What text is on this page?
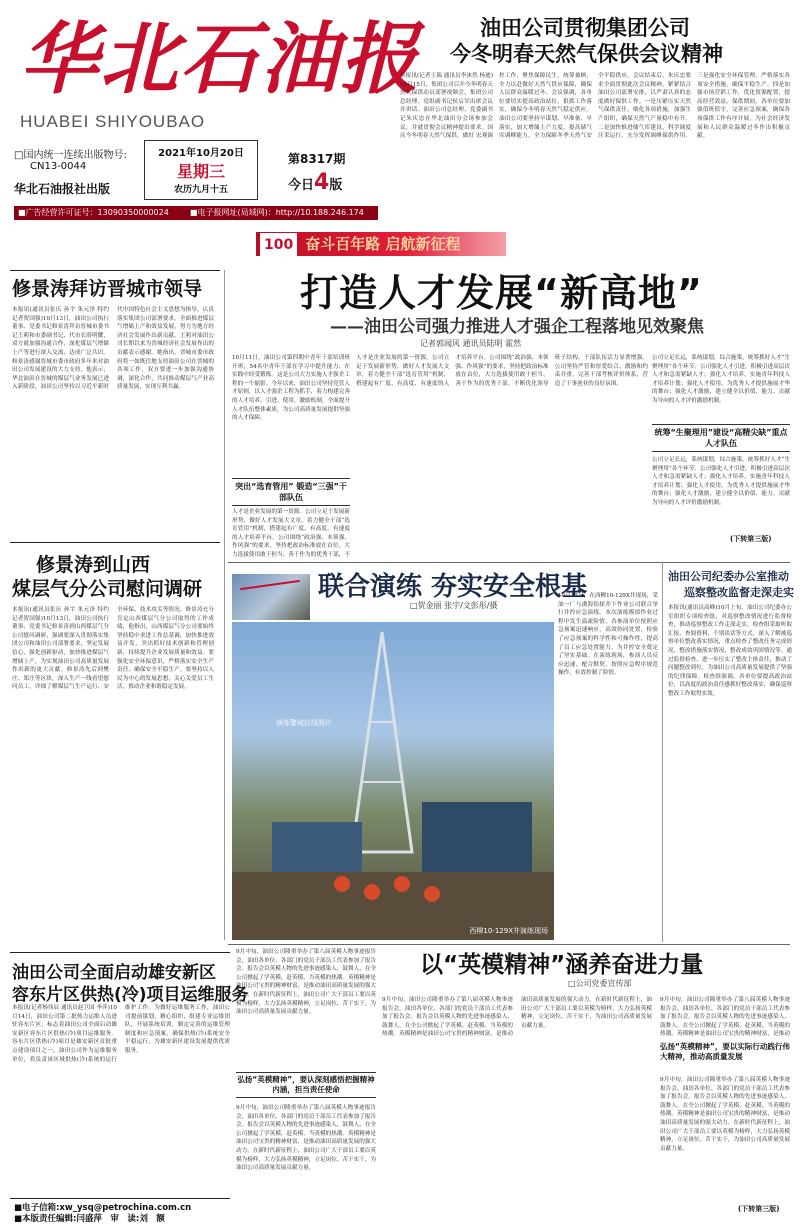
华北石油报
HUABEI SHIYOUBAO
□国内统一连续出版物号:
CN13-0044
华北石油报社出版
2021年10月20日
星期三
农历九月十五
第8317期
今日4版
■广告经营许可证号：13090350000024	■电子报网址(局域网)：http://10.188.246.174
油田公司贯彻集团公司
今冬明春天然气保供会议精神
本报讯(记者王瑞 通讯员李沐然 杨迪)10月15日，集团公司召开今冬明春天然气保供动员部署视频会，集团公司总经理、党组副书记侯启军出席会议并讲话。油田公司总经理、党委副书记朱庆忠在华北油田分会场参加会议，并就贯彻会议精神提出要求。国庆今冬明春天然气保供，做好 宏观调控工作，聚焦保障民生，统筹兼顾，全力以赴做好天然气供应保障，确保人民群众温暖过冬。会议强调，各单位要切实提高政治站位，狠抓工作落实，确保今冬明春天然气稳定供应。油田公司要坚持早谋划、早准备、早落实，加大增储上产力度，提高储气库调峰能力，全力保障冬季天然气安全平稳供应。会议结束后，朱庆忠要求全面贯彻此次会议精神，紧紧结合油田公司部署安排，以严肃认真的态度做好保供工作。一是压紧压实天然气保供责任，细化各项措施，加强生产组织，确保天然气产量稳中有升。二是加快推进储气库建设，科学调度注采运行，充分发挥调峰保供作用。三是强化安全环保管理，严格落实各项安全措施，确保平稳生产。四是加强市场营销工作，优化资源配置，提高经营效益。保供期间，各单位要加强值班值守，完善应急预案，确保各项保供工作有序开展，为社会经济发展和人民群众温暖过冬作出积极贡献。
100 奋斗百年路 启航新征程
修景涛拜访晋城市领导
本报讯(通讯员张庆 孙宇 朱元泽 特约记者贺国强)10月13日，油田公司执行董事、党委书记修景涛拜访晋城市委书记王莉和市委副书记、代市长薛明耀，双方就加强沟通合作、深化煤层气增储上产等进行深入交流、达成广泛共识。修景涛感谢晋城市委市政府多年来对油田公司发展建设的大力支持。他表示，华北油田在晋城的煤层气业务发展已进入新阶段，油田公司坚持以习近平新时代中国特色社会主义思想为指导，认真落实集团公司部署要求，全面推进煤层气增储上产和效益发展，努力为地方经济社会发展作出新贡献。王莉对油田公司长期以来为晋城经济社会发展作出的贡献表示感谢。她指出，晋城市委市政府将一如既往地支持油田公司在晋城的各项工作，双方要进一步加强沟通协调，深化合作，共同推动煤层气产业高质量发展，实现互利共赢。
修景涛到山西
煤层气分公司慰问调研
本报讯(通讯员张庆 孙宇 朱元泽 特约记者贺国强)10月13日，油田公司执行董事、党委书记修景涛到山西煤层气分公司慰问调研，强调要深入贯彻落实集团公司和油田公司部署要求，坚定发展信心，强化创新驱动，加快推进煤层气增储上产，为实现油田公司高质量发展作出新的更大贡献。修景涛先后到樊庄、郑庄等区块，深入生产一线看望慰问员工，详细了解煤层气生产运行、安全环保、技术攻关等情况。修景涛充分肯定山西煤层气分公司取得的工作成绩，他指出，山西煤层气分公司要始终坚持稳中求进工作总基调，加快推进效益开发，突出抓好技术创新和管理创新，持续提升企业发展质量和效益。要强化安全环保意识，严格落实安全生产责任，确保安全平稳生产。要坚持以人民为中心的发展思想，关心关爱员工生活，推动企业和谐稳定发展。
油田公司全面启动雄安新区
容东片区供热(冷)项目运维服务
本报讯(记者杨伟辰 通讯员赵卫国 李萍)10月14日，油田公司第二批热力运维人员进驻容东片区，标志着油田公司全面启动雄安新区容东片区供热(冷)项目运维服务。容东片区供热(冷)项目是雄安新区首批重点建设项目之一，油田公司作为运维服务单位，将负责该区域供热(冷)系统的运行维护工作。为做好运维服务工作，油田公司提前谋划，精心组织，组建专业运维团队，开展系统培训，制定完善的运维管理制度和应急预案，确保供热(冷)系统安全平稳运行，为雄安新区建设发展提供优质服务。
打造人才发展“新高地”
——油田公司强力推进人才强企工程落地见效聚焦
记者郭闻风 通讯员陆明 霍然
10月11日，油田公司第四期中青年干部培训班开班，54名中青年干部在学习中提升能力、在实践中经受锻炼。这是公司大力实施人才强企工程的一个缩影。今年以来，油田公司坚持党管人才原则，以人才强企工程为抓手，着力构建完善的人才培养、引进、使用、激励机制，全面提升人才队伍整体素质，为公司高质量发展提供坚强的人才保障。
突出“选育管用” 锻造“三强”干部队伍
人才是企业发展的第一资源。公司立足于发展新形势，做好人才发展大文章，着力健全干部“选育管用”机制，搭建起有广度、有高度、有速度的人才培养平台。公司围绕“政治强、本领强、作风强”的要求，坚持把政治标准放在首位，大力选拔使用敢于担当、善于作为的优秀干部，不
人才是企业发展的第一资源。公司立足于发展新形势，做好人才发展大文章，着力健全干部“选育管用”机制，搭建起有广度、有高度、有速度的人才培养平台。公司围绕“政治强、本领强、作风强”的要求，坚持把政治标准放在首位，大力选拔使用敢于担当、善于作为的优秀干部，不断优化领导班子结构，干部队伍活力显著增强。公司坚持严管和厚爱结合、激励和约束并重，完善干部考核评价体系，营造了干事创业的良好氛围。
公司立足长远，系统谋划，综合施策，统筹抓好人才“生聚理用”各个环节。公司强化人才引进，积极引进高层次人才和急需紧缺人才；强化人才培养，实施青年科技人才培养计划；强化人才使用，为优秀人才提供施展才华的舞台；强化人才激励，建立健全以价值、能力、贡献为导向的人才评价激励机制。
统筹“生聚理用”建设“高精尖缺”重点人才队伍
公司立足长远，系统谋划，综合施策，统筹抓好人才“生聚理用”各个环节。公司强化人才引进，积极引进高层次人才和急需紧缺人才；强化人才培养，实施青年科技人才培养计划；强化人才使用，为优秀人才提供施展才华的舞台；强化人才激励，建立健全以价值、能力、贡献为导向的人才评价激励机制。
(下转第三版)
联合演练 夯实安全根基
演练警戒拉线照片
西柳10-129X井演练现场
□贺金丽 张宇/文彭彤/摄
10月13日，在西柳10-129X井现场，采油一厂与渤海钻探井下作业公司联合举行井控应急演练。本次演练模拟作业过程中发生溢流险情，各参演单位按照应急预案迅速响应，高效协同处置，检验了应急预案的科学性和可操作性，提高了员工应急处置能力，为井控安全奠定了坚实基础。在演练现场，参演人员反应迅速、配合默契，按照应急程序规范操作，有效控制了险情。
油田公司纪委办公室推动
巡察整改监督走深走实
本报讯(通讯员高峰)10月上旬，油田公司纪委办公室组织专项检查组，对巡察整改情况进行监督检查，推动巡察整改工作走深走实。检查组采取听取汇报、查阅资料、个别谈话等方式，深入了解被巡察单位整改落实情况，重点检查了整改任务完成情况、整改措施落实情况、整改成效巩固情况等。通过监督检查，进一步压实了整改主体责任，推动了问题整改到位，为油田公司高质量发展提供了坚强的纪律保障。检查组强调，各单位要提高政治站位，以高度的政治责任感抓好整改落实，确保巡察整改工作取得实效。
9月中旬，油田公司隆重举办了第八届英模人物事迹报告会，油田各单位、各部门的党员干部员工代表参加了报告会。报告会以英模人物的先进事迹感染人、鼓舞人，在全公司掀起了学英模、赶英模、当英模的热潮。英模精神是油田公司宝贵的精神财富，是推动油田高质量发展的强大动力。在新时代新征程上，油田公司广大干部员工要以英模为榜样，大力弘扬英模精神，立足岗位、苦干实干，为油田公司高质量发展贡献力量。
以“英模精神”涵养奋进力量
□公司党委宣传部
弘扬“英模精神”，要认深刻感悟把握精神内涵，担当责任使命
9月中旬，油田公司隆重举办了第八届英模人物事迹报告会，油田各单位、各部门的党员干部员工代表参加了报告会。报告会以英模人物的先进事迹感染人、鼓舞人，在全公司掀起了学英模、赶英模、当英模的热潮。英模精神是油田公司宝贵的精神财富，是推动油田高质量发展的强大动力。在新时代新征程上，油田公司广大干部员工要以英模为榜样，大力弘扬英模精神，立足岗位、苦干实干，为油田公司高质量发展贡献力量。
9月中旬，油田公司隆重举办了第八届英模人物事迹报告会，油田各单位、各部门的党员干部员工代表参加了报告会。报告会以英模人物的先进事迹感染人、鼓舞人，在全公司掀起了学英模、赶英模、当英模的热潮。英模精神是油田公司宝贵的精神财富，是推动油田高质量发展的强大动力。在新时代新征程上，油田公司广大干部员工要以英模为榜样，大力弘扬英模精神，立足岗位、苦干实干，为油田公司高质量发展贡献力量。
9月中旬，油田公司隆重举办了第八届英模人物事迹报告会，油田各单位、各部门的党员干部员工代表参加了报告会。报告会以英模人物的先进事迹感染人、鼓舞人，在全公司掀起了学英模、赶英模、当英模的热潮。英模精神是油田公司宝贵的精神财富，是推动
弘扬“英模精神”，要以实际行动践行伟大精神，推动高质量发展
9月中旬，油田公司隆重举办了第八届英模人物事迹报告会，油田各单位、各部门的党员干部员工代表参加了报告会。报告会以英模人物的先进事迹感染人、鼓舞人，在全公司掀起了学英模、赶英模、当英模的热潮。英模精神是油田公司宝贵的精神财富，是推动油田高质量发展的强大动力。在新时代新征程上，油田公司广大干部员工要以英模为榜样，大力弘扬英模精神，立足岗位、苦干实干，为油田公司高质量发展贡献力量。
(下转第三版)
■电子信箱:xw_ysq@petrochina.com.cn
■本版责任编辑:闫盛萍　审　读:刘　额
